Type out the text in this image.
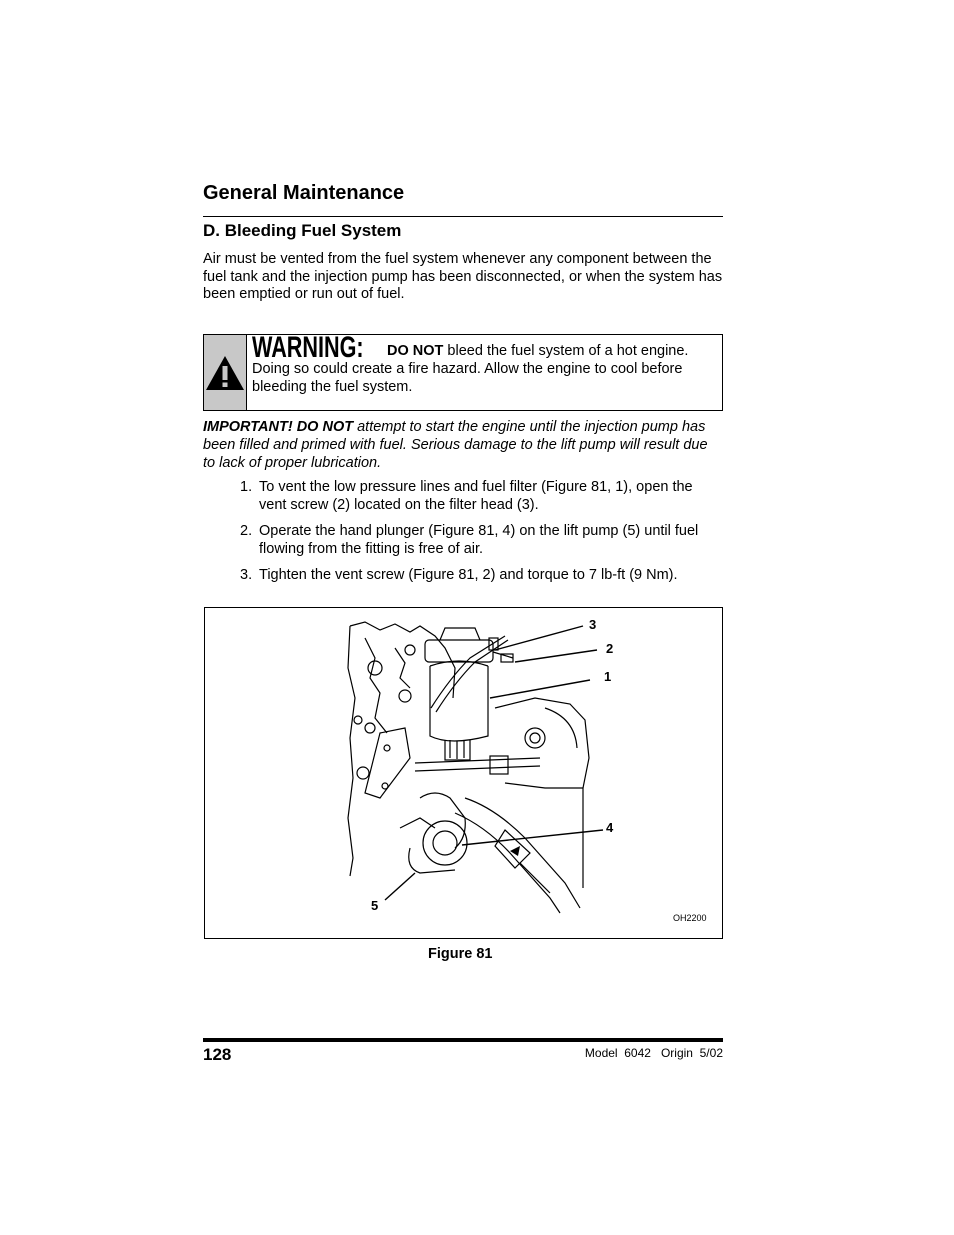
General Maintenance
D. Bleeding Fuel System

Air must be vented from the fuel system whenever any component between the fuel tank and the injection pump has been disconnected, or when the system has been emptied or run out of fuel.

WARNING: DO NOT bleed the fuel system of a hot engine. Doing so could create a fire hazard. Allow the engine to cool before bleeding the fuel system.

IMPORTANT! DO NOT attempt to start the engine until the injection pump has been filled and primed with fuel. Serious damage to the lift pump will result due to lack of proper lubrication.

1. To vent the low pressure lines and fuel filter (Figure 81, 1), open the vent screw (2) located on the filter head (3).
2. Operate the hand plunger (Figure 81, 4) on the lift pump (5) until fuel flowing from the fitting is free of air.
3. Tighten the vent screw (Figure 81, 2) and torque to 7 lb-ft (9 Nm).
3
2
1
4
5
OH2200
Figure 81
128	Model  6042   Origin  5/02
